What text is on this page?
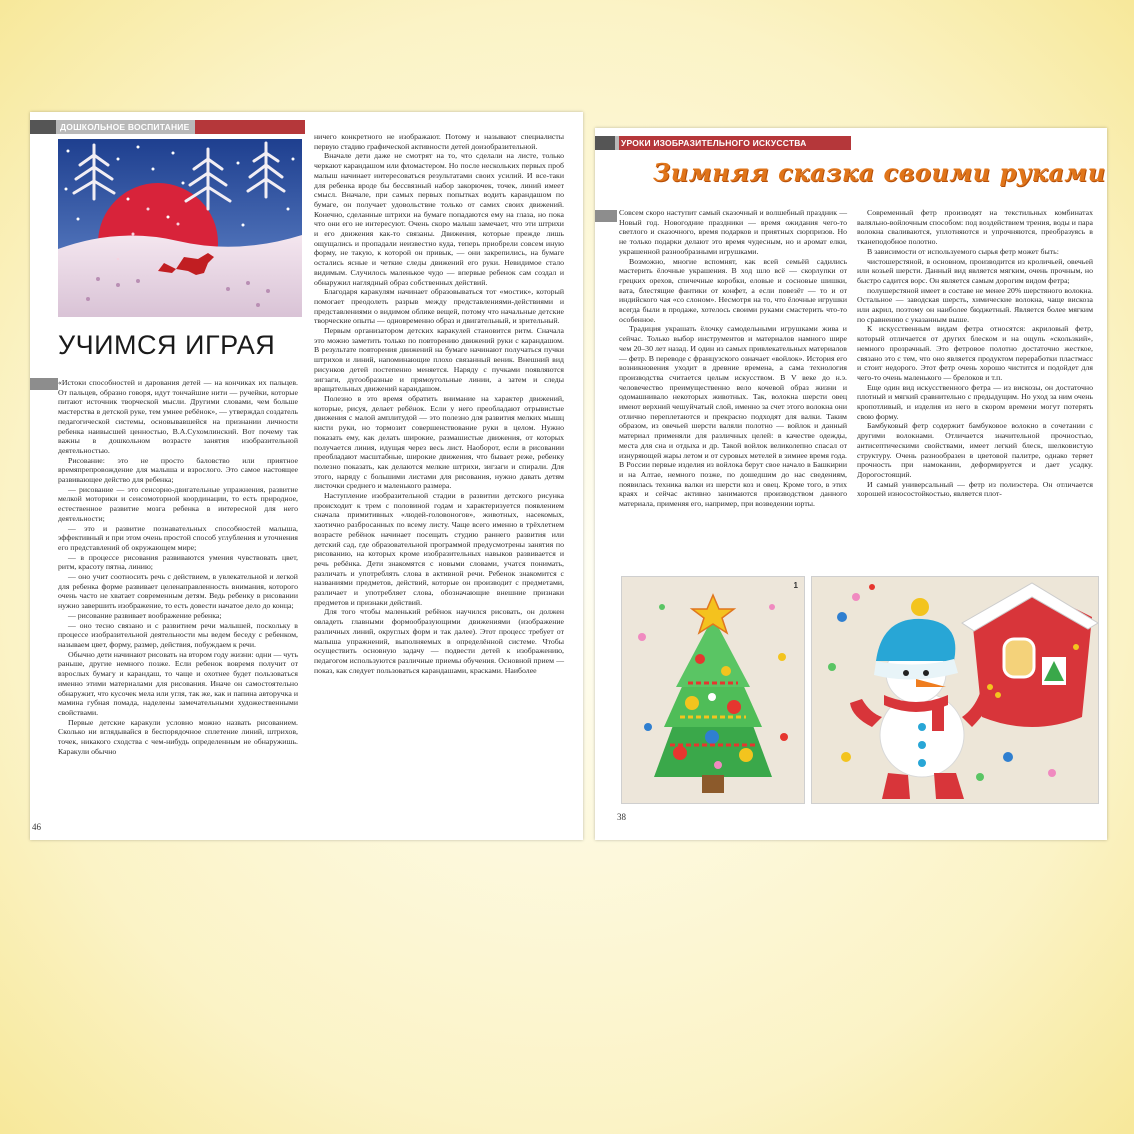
ДОШКОЛЬНОЕ ВОСПИТАНИЕ
УЧИМСЯ ИГРАЯ

«Истоки способностей и дарования детей — на кончиках их пальцев. От пальцев, образно говоря, идут тончайшие нити — ручейки, которые питают источник творческой мысли. Другими словами, чем больше мастерства в детской руке, тем умнее ребёнок», — утверждал создатель педагогической системы, основывавшейся на признании личности ребенка наивысшей ценностью, В.А.Сухомлинский. Вот почему так важны в дошкольном возрасте занятия изобразительной деятельностью.

Рисование: это не просто баловство или приятное времяпрепровождение для малыша и взрослого. Это самое настоящее развивающее действо для ребенка;

— рисование — это сенсорно-двигательные упражнения, развитие мелкой моторики и сенсомоторной координации, то есть природное, естественное развитие мозга ребенка в интересной для него деятельности;

— это и развитие познавательных способностей малыша, эффективный и при этом очень простой способ углубления и уточнения его представлений об окружающем мире;

— в процессе рисования развиваются умения чувствовать цвет, ритм, красоту пятна, линию;

— оно учит соотносить речь с действием, в увлекательной и легкой для ребенка форме развивает целенаправленность внимания, которого очень часто не хватает современным детям. Ведь ребенку в рисовании нужно завершить изображение, то есть довести начатое дело до конца;

— рисование развивает воображение ребенка;

— оно тесно связано и с развитием речи малышей, поскольку в процессе изобразительной деятельности мы ведем беседу с ребенком, называем цвет, форму, размер, действия, побуждаем к речи.

Обычно дети начинают рисовать на втором году жизни: одни — чуть раньше, другие немного позже. Если ребенок вовремя получит от взрослых бумагу и карандаш, то чаще и охотнее будет пользоваться именно этими материалами для рисования. Иначе он самостоятельно обнаружит, что кусочек мела или угля, так же, как и папина авторучка и мамина губная помада, наделены замечательными художественными свойствами.

Первые детские каракули условно можно назвать рисованием. Сколько ни вглядывайся в беспорядочное сплетение линий, штрихов, точек, никакого сходства с чем-нибудь определенным не обнаружишь. Каракули обычно

ничего конкретного не изображают. Потому и называют специалисты первую стадию графической активности детей доизобразительной.

Вначале дети даже не смотрят на то, что сделали на листе, только черкают карандашом или фломастером. Но после нескольких первых проб малыш начинает интересоваться результатами своих усилий. И все-таки для ребенка вроде бы бессвязный набор закорючек, точек, линий имеет смысл. Вначале, при самых первых попытках водить карандашом по бумаге, он получает удовольствие только от самих своих движений. Конечно, сделанные штрихи на бумаге попадаются ему на глаза, но пока что они его не интересуют. Очень скоро малыш замечает, что эти штрихи и его движения как-то связаны. Движения, которые прежде лишь ощущались и пропадали неизвестно куда, теперь приобрели совсем иную форму, не такую, к которой он привык, — они закрепились, на бумаге остались ясные и четкие следы движений его руки. Невидимое стало видимым. Случилось маленькое чудо — впервые ребенок сам создал и обнаружил наглядный образ собственных действий.

Благодаря каракулям начинает образовываться тот «мостик», который помогает преодолеть разрыв между представлениями-действиями и представлениями о видимом облике вещей, потому что начальные детские творческие опыты — одновременно образ и двигательный, и зрительный.

Первым организатором детских каракулей становится ритм. Сначала это можно заметить только по повторению движений руки с карандашом. В результате повторения движений на бумаге начинают получаться пучки штрихов и линий, напоминающие плохо связанный веник. Внешний вид рисунков детей постепенно меняется. Наряду с пучками появляются зигзаги, дугообразные и прямоугольные линии, а затем и следы вращательных движений карандашом.

Полезно в это время обратить внимание на характер движений, которые, рисуя, делает ребёнок. Если у него преобладают отрывистые движения с малой амплитудой — это полезно для развития мелких мышц кисти руки, но тормозит совершенствование руки в целом. Нужно показать ему, как делать широкие, размашистые движения, от которых получается линия, идущая через весь лист. Наоборот, если в рисовании преобладают масштабные, широкие движения, что бывает реже, ребенку полезно показать, как делаются мелкие штрихи, зигзаги и спирали. Для этого, наряду с большими листами для рисования, нужно давать детям листочки среднего и маленького размера.

Наступление изобразительной стадии в развитии детского рисунка происходит к трем с половиной годам и характеризуется появлением сначала примитивных «людей-головоногов», животных, насекомых, хаотично разбросанных по всему листу. Чаще всего именно в трёхлетнем возрасте ребёнок начинает посещать студию раннего развития или детский сад, где образовательной программой предусмотрены занятия по рисованию, на которых кроме изобразительных навыков развивается и речь ребёнка. Дети знакомятся с новыми словами, учатся понимать, различать и употреблять слова в активной речи. Ребенок знакомится с названиями предметов, действий, которые он производит с предметами, различает и употребляет слова, обозначающие внешние признаки предметов и признаки действий.

Для того чтобы маленький ребёнок научился рисовать, он должен овладеть главными формообразующими движениями (изображение различных линий, округлых форм и так далее). Этот процесс требует от малыша упражнений, выполняемых в определённой системе. Чтобы осуществить основную задачу — подвести детей к изображению, педагогом используются различные приемы обучения. Основной прием — показ, как следует пользоваться карандашами, красками. Наиболее

46
УРОКИ ИЗОБРАЗИТЕЛЬНОГО ИСКУССТВА
Зимняя сказка своими руками

Совсем скоро наступит самый сказочный и волшебный праздник — Новый год. Новогодние праздники — время ожидания чего-то светлого и сказочного, время подарков и приятных сюрпризов. Но не только подарки делают это время чудесным, но и аромат елки, украшенной разнообразными игрушками.

Возможно, многие вспомнят, как всей семьёй садились мастерить ёлочные украшения. В ход шло всё — скорлупки от грецких орехов, спичечные коробки, еловые и сосновые шишки, вата, блестящие фантики от конфет, а если повезёт — то и от индийского чая «со слоном». Несмотря на то, что ёлочные игрушки всегда были в продаже, хотелось своими руками смастерить что-то особенное.

Традиция украшать ёлочку самодельными игрушками жива и сейчас. Только выбор инструментов и материалов намного шире чем 20–30 лет назад. И один из самых привлекательных материалов — фетр. В переводе с французского означает «войлок». История его возникновения уходит в древние времена, а сама технология производства считается целым искусством. В V веке до н.э. человечество преимущественно вело кочевой образ жизни и одомашнивало некоторых животных. Так, волокна шерсти овец имеют верхний чешуйчатый слой, именно за счет этого волокна они отлично переплетаются и прекрасно подходят для валки. Таким образом, из овечьей шерсти валяли полотно — войлок и данный материал применяли для различных целей: в качестве одежды, места для сна и отдыха и др. Такой войлок великолепно спасал от изнуряющей жары летом и от суровых метелей в зимнее время года. В России первые изделия из войлока берут свое начало в Башкирии и на Алтае, немного позже, по дошедшим до нас сведениям, появилась техника валки из шерсти коз и овец. Кроме того, в этих краях и сейчас активно занимаются производством данного материала, применяя его, например, при возведении юрты.

Современный фетр производят на текстильных комбинатах валяльно-войлочным способом: под воздействием трения, воды и пара волокна сваливаются, уплотняются и упрочняются, преобразуясь в тканеподобное полотно.

В зависимости от используемого сырья фетр может быть:

чистошерстяной, в основном, производится из кроличьей, овечьей или козьей шерсти. Данный вид является мягким, очень прочным, но быстро садится ворс. Он является самым дорогим видом фетра;

полушерстяной имеет в составе не менее 20% шерстяного волокна. Остальное — заводская шерсть, химические волокна, чаще вискоза или акрил, поэтому он наиболее бюджетный. Является более мягким по сравнению с указанным выше.

К искусственным видам фетра относятся: акриловый фетр, который отличается от других блеском и на ощупь «скользкий», немного прозрачный. Это фетровое полотно достаточно жесткое, связано это с тем, что оно является продуктом переработки пластмасс и стоит недорого. Этот фетр очень хорошо чистится и подойдет для чего-то очень маленького — брелоков и т.п.

Еще один вид искусственного фетра — из вискозы, он достаточно плотный и мягкий сравнительно с предыдущим. Но уход за ним очень кропотливый, и изделия из него в скором времени могут потерять свою форму.

Бамбуковый фетр содержит бамбуковое волокно в сочетании с другими волокнами. Отличается значительной прочностью, антисептическими свойствами, имеет легкий блеск, шелковистую структуру. Очень разнообразен в цветовой палитре, однако теряет прочность при намокании, деформируется и дает усадку. Дорогостоящий.

И самый универсальный — фетр из полиэстера. Он отличается хорошей износостойкостью, является плот-

1
38
